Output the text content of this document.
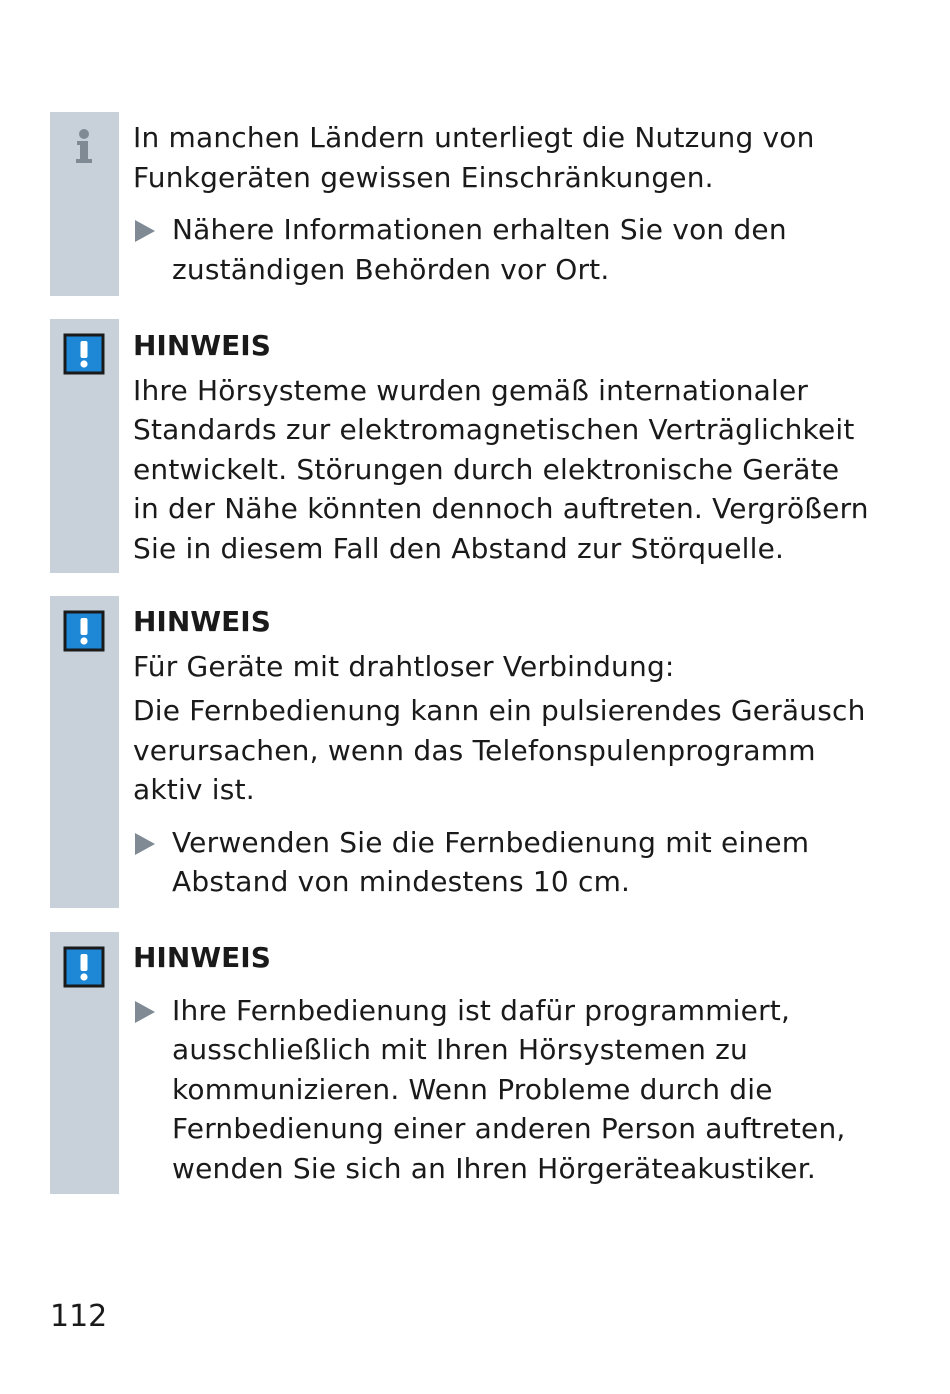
In manchen Ländern unterliegt die Nutzung von Funkgeräten gewissen Einschränkungen.

Nähere Informationen erhalten Sie von den zuständigen Behörden vor Ort.

HINWEIS

Ihre Hörsysteme wurden gemäß internationaler Standards zur elektromagnetischen Verträglichkeit entwickelt. Störungen durch elektronische Geräte in der Nähe könnten dennoch auftreten. Vergrößern Sie in diesem Fall den Abstand zur Störquelle.

HINWEIS

Für Geräte mit drahtloser Verbindung:

Die Fernbedienung kann ein pulsierendes Geräusch verursachen, wenn das Telefonspulenprogramm aktiv ist.

Verwenden Sie die Fernbedienung mit einem Abstand von mindestens 10 cm.

HINWEIS

Ihre Fernbedienung ist dafür programmiert, ausschließlich mit Ihren Hörsystemen zu kommunizieren. Wenn Probleme durch die Fernbedienung einer anderen Person auftreten, wenden Sie sich an Ihren Hörgeräteakustiker.

112
